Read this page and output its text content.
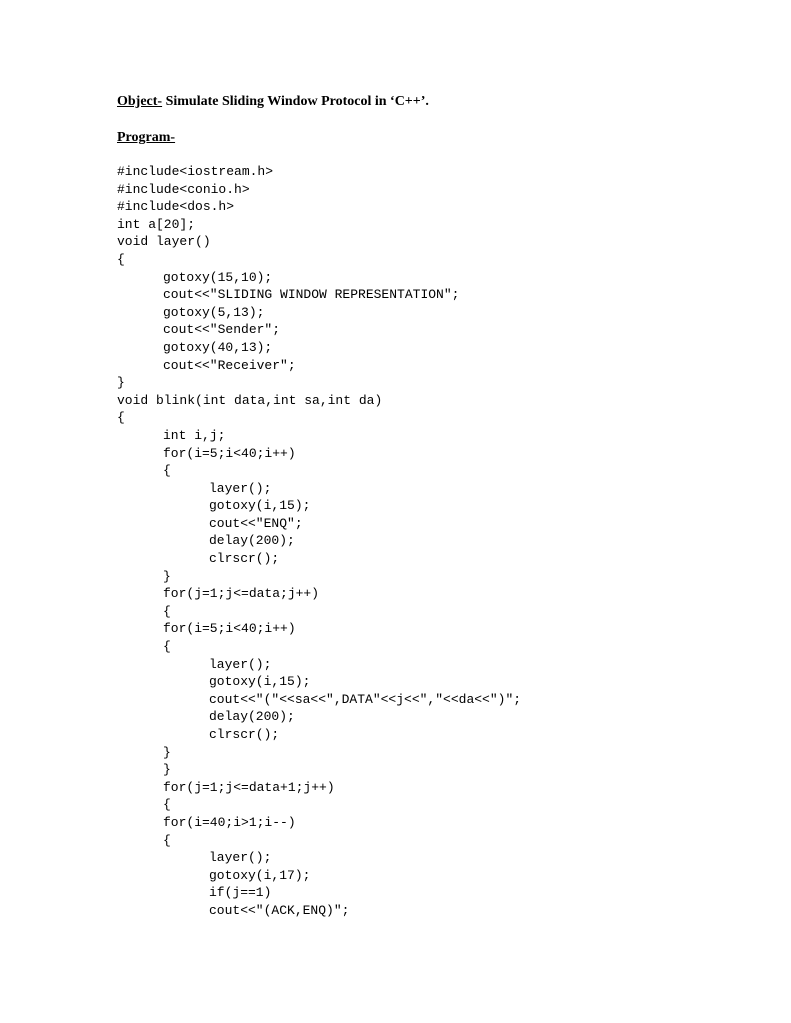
Object- Simulate Sliding Window Protocol in ‘C++’.
Program-
#include<iostream.h>
#include<conio.h>
#include<dos.h>
int a[20];
void layer()
{
gotoxy(15,10);
cout<<"SLIDING WINDOW REPRESENTATION";
gotoxy(5,13);
cout<<"Sender";
gotoxy(40,13);
cout<<"Receiver";
}
void blink(int data,int sa,int da)
{
int i,j;
for(i=5;i<40;i++)
{
layer();
gotoxy(i,15);
cout<<"ENQ";
delay(200);
clrscr();
}
for(j=1;j<=data;j++)
{
for(i=5;i<40;i++)
{
layer();
gotoxy(i,15);
cout<<"("<<sa<<",DATA"<<j<<","<<da<<")";
delay(200);
clrscr();
}
}
for(j=1;j<=data+1;j++)
{
for(i=40;i>1;i--)
{
layer();
gotoxy(i,17);
if(j==1)
cout<<"(ACK,ENQ)";
